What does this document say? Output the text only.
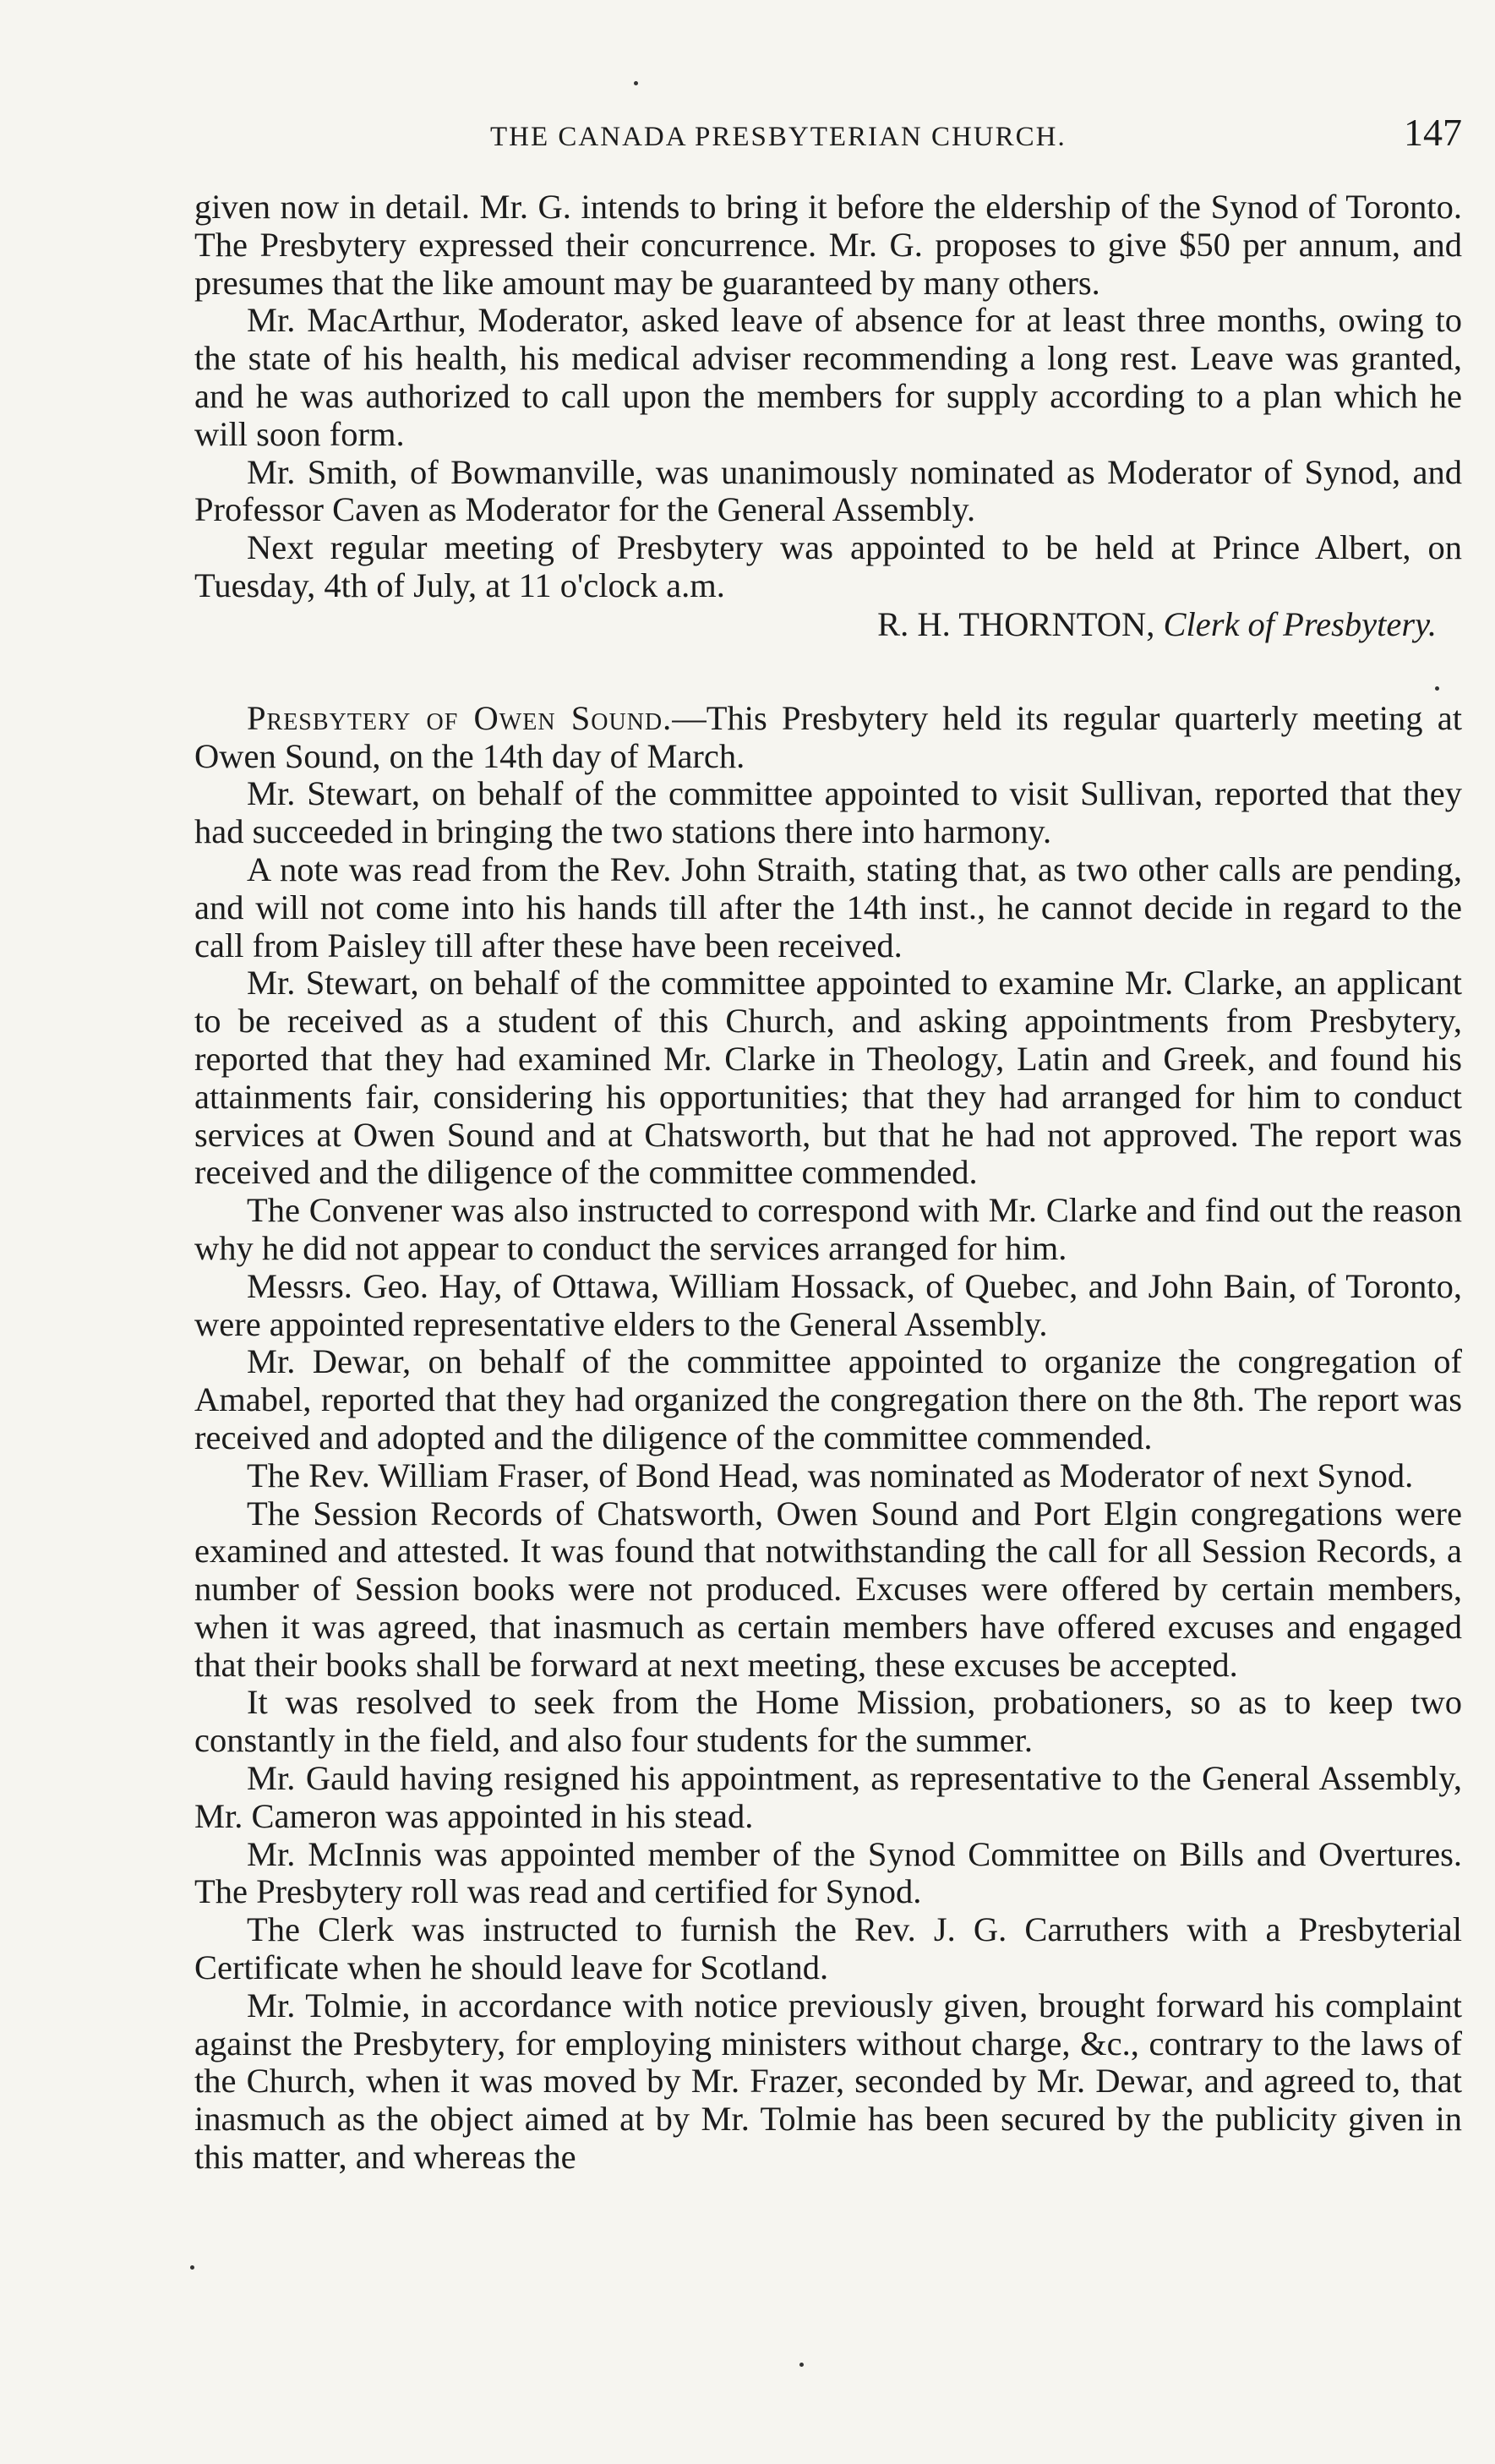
THE CANADA PRESBYTERIAN CHURCH.	147

given now in detail. Mr. G. intends to bring it before the eldership of the Synod of Toronto. The Presbytery expressed their concurrence. Mr. G. proposes to give $50 per annum, and presumes that the like amount may be guaranteed by many others.

Mr. MacArthur, Moderator, asked leave of absence for at least three months, owing to the state of his health, his medical adviser recommending a long rest. Leave was granted, and he was authorized to call upon the members for supply according to a plan which he will soon form.

Mr. Smith, of Bowmanville, was unanimously nominated as Moderator of Synod, and Professor Caven as Moderator for the General Assembly.

Next regular meeting of Presbytery was appointed to be held at Prince Albert, on Tuesday, 4th of July, at 11 o'clock a.m.

R. H. THORNTON, Clerk of Presbytery.

Presbytery of Owen Sound.—This Presbytery held its regular quarterly meeting at Owen Sound, on the 14th day of March.

Mr. Stewart, on behalf of the committee appointed to visit Sullivan, reported that they had succeeded in bringing the two stations there into harmony.

A note was read from the Rev. John Straith, stating that, as two other calls are pending, and will not come into his hands till after the 14th inst., he cannot decide in regard to the call from Paisley till after these have been received.

Mr. Stewart, on behalf of the committee appointed to examine Mr. Clarke, an applicant to be received as a student of this Church, and asking appointments from Presbytery, reported that they had examined Mr. Clarke in Theology, Latin and Greek, and found his attainments fair, considering his opportunities; that they had arranged for him to conduct services at Owen Sound and at Chatsworth, but that he had not approved. The report was received and the diligence of the committee commended.

The Convener was also instructed to correspond with Mr. Clarke and find out the reason why he did not appear to conduct the services arranged for him.

Messrs. Geo. Hay, of Ottawa, William Hossack, of Quebec, and John Bain, of Toronto, were appointed representative elders to the General Assembly.

Mr. Dewar, on behalf of the committee appointed to organize the congregation of Amabel, reported that they had organized the congregation there on the 8th. The report was received and adopted and the diligence of the committee commended.

The Rev. William Fraser, of Bond Head, was nominated as Moderator of next Synod.

The Session Records of Chatsworth, Owen Sound and Port Elgin congregations were examined and attested. It was found that notwithstanding the call for all Session Records, a number of Session books were not produced. Excuses were offered by certain members, when it was agreed, that inasmuch as certain members have offered excuses and engaged that their books shall be forward at next meeting, these excuses be accepted.

It was resolved to seek from the Home Mission, probationers, so as to keep two constantly in the field, and also four students for the summer.

Mr. Gauld having resigned his appointment, as representative to the General Assembly, Mr. Cameron was appointed in his stead.

Mr. McInnis was appointed member of the Synod Committee on Bills and Overtures. The Presbytery roll was read and certified for Synod.

The Clerk was instructed to furnish the Rev. J. G. Carruthers with a Presbyterial Certificate when he should leave for Scotland.

Mr. Tolmie, in accordance with notice previously given, brought forward his complaint against the Presbytery, for employing ministers without charge, &c., contrary to the laws of the Church, when it was moved by Mr. Frazer, seconded by Mr. Dewar, and agreed to, that inasmuch as the object aimed at by Mr. Tolmie has been secured by the publicity given in this matter, and whereas the
